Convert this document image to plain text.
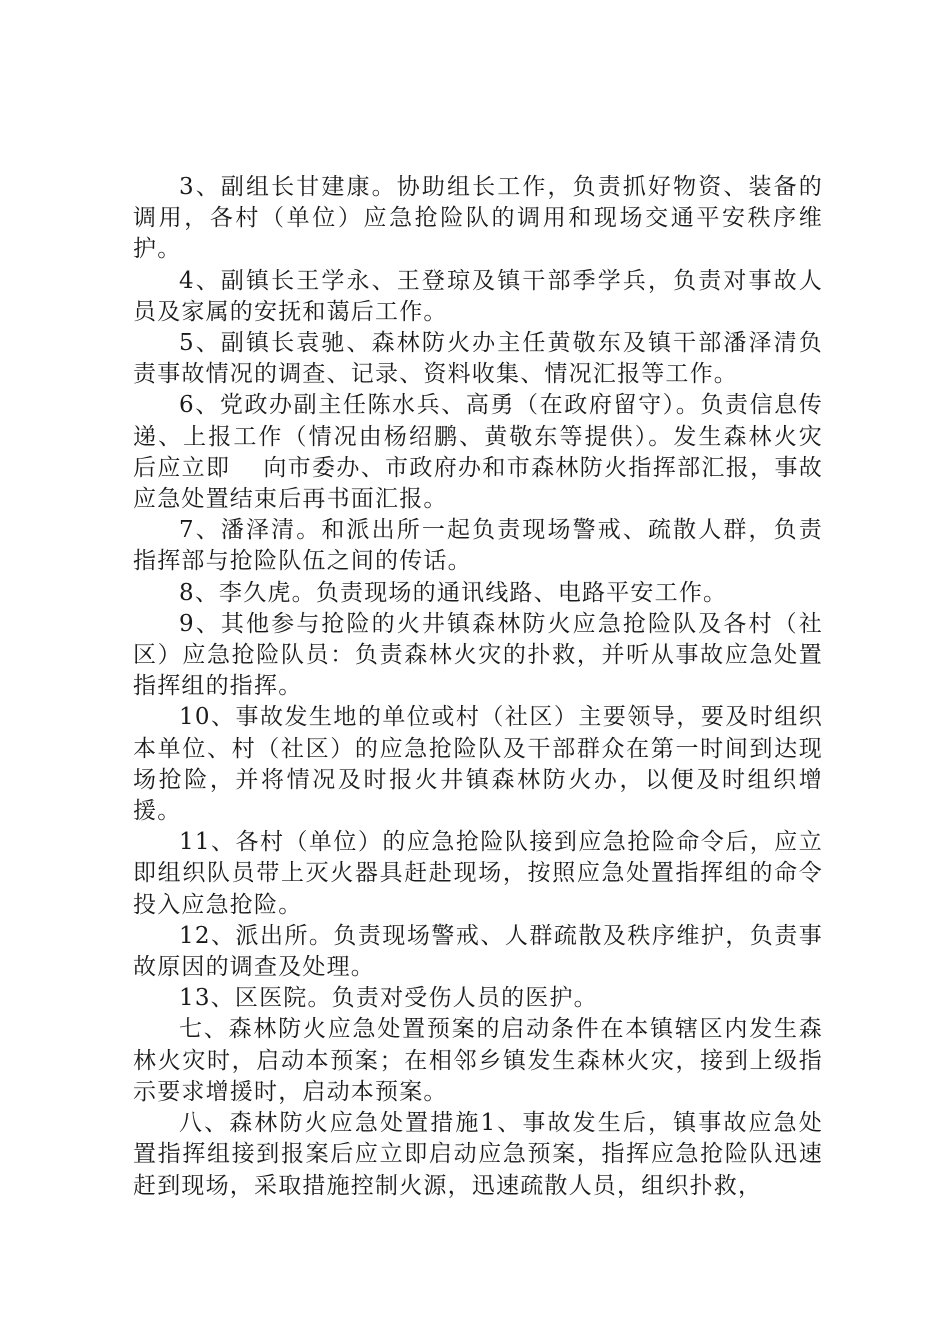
3、副组长甘建康。协助组长工作，负责抓好物资、装备的调用，各村（单位）应急抢险队的调用和现场交通平安秩序维护。

4、副镇长王学永、王登琼及镇干部季学兵，负责对事故人员及家属的安抚和蔼后工作。

5、副镇长袁驰、森林防火办主任黄敬东及镇干部潘泽清负责事故情况的调查、记录、资料收集、情况汇报等工作。

6、党政办副主任陈水兵、高勇（在政府留守）。负责信息传递、上报工作（情况由杨绍鹏、黄敬东等提供）。发生森林火灾后应立即　 向市委办、市政府办和市森林防火指挥部汇报，事故应急处置结束后再书面汇报。

7、潘泽清。和派出所一起负责现场警戒、疏散人群，负责指挥部与抢险队伍之间的传话。

8、李久虎。负责现场的通讯线路、电路平安工作。

9、其他参与抢险的火井镇森林防火应急抢险队及各村（社区）应急抢险队员：负责森林火灾的扑救，并听从事故应急处置指挥组的指挥。

10、事故发生地的单位或村（社区）主要领导，要及时组织本单位、村（社区）的应急抢险队及干部群众在第一时间到达现场抢险，并将情况及时报火井镇森林防火办，以便及时组织增援。

11、各村（单位）的应急抢险队接到应急抢险命令后，应立即组织队员带上灭火器具赶赴现场，按照应急处置指挥组的命令投入应急抢险。

12、派出所。负责现场警戒、人群疏散及秩序维护，负责事故原因的调查及处理。

13、区医院。负责对受伤人员的医护。

七、森林防火应急处置预案的启动条件在本镇辖区内发生森林火灾时，启动本预案；在相邻乡镇发生森林火灾，接到上级指示要求增援时，启动本预案。

八、森林防火应急处置措施1、事故发生后，镇事故应急处置指挥组接到报案后应立即启动应急预案，指挥应急抢险队迅速赶到现场，采取措施控制火源，迅速疏散人员，组织扑救，
